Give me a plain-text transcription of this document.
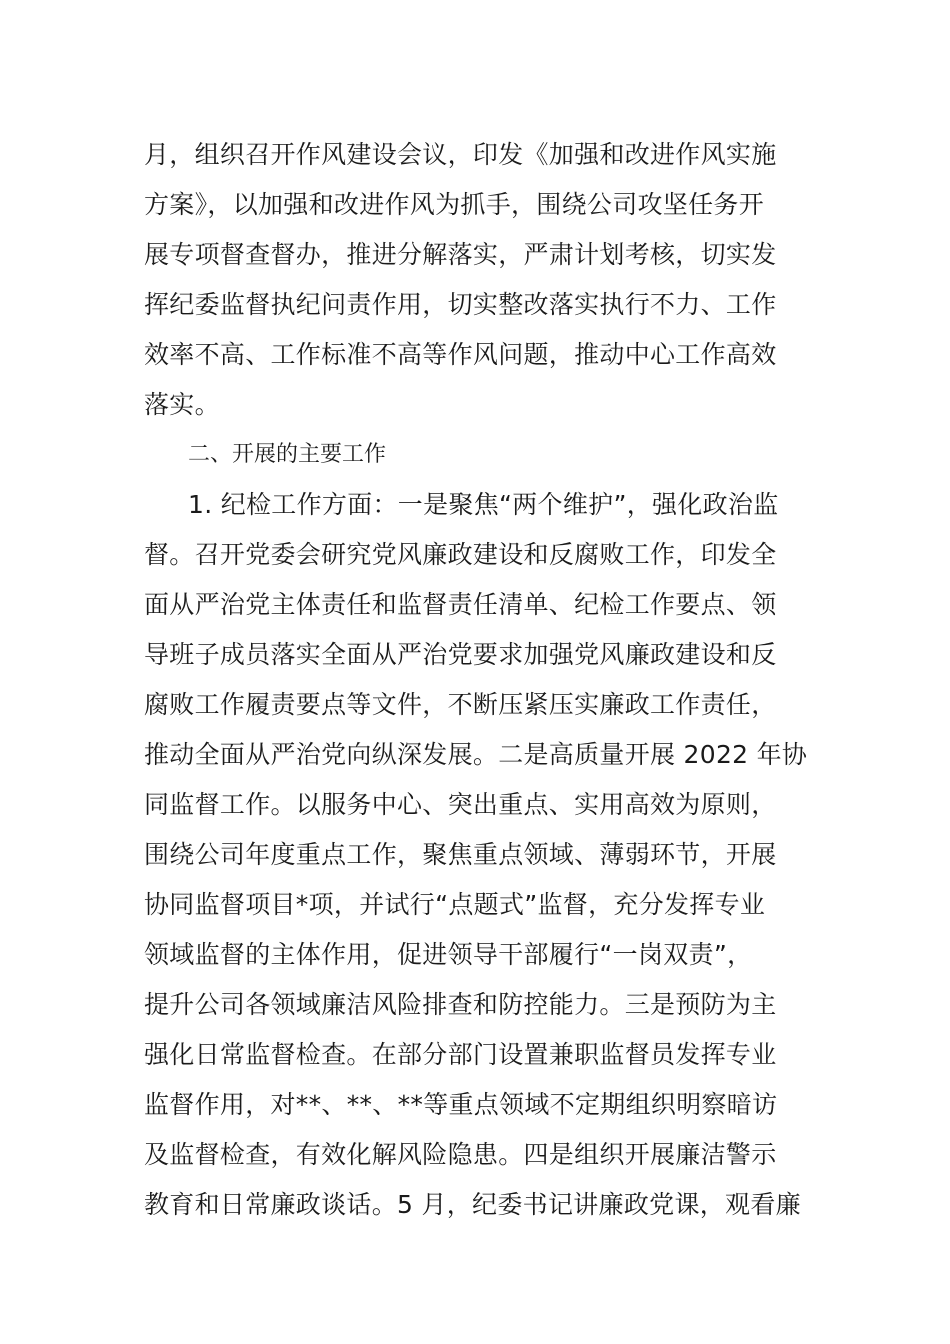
月，组织召开作风建设会议，印发《加强和改进作风实施
方案》，以加强和改进作风为抓手，围绕公司攻坚任务开
展专项督查督办，推进分解落实，严肃计划考核，切实发
挥纪委监督执纪问责作用，切实整改落实执行不力、工作
效率不高、工作标准不高等作风问题，推动中心工作高效
落实。
二、开展的主要工作
1. 纪检工作方面：一是聚焦“两个维护”，强化政治监
督。召开党委会研究党风廉政建设和反腐败工作，印发全
面从严治党主体责任和监督责任清单、纪检工作要点、领
导班子成员落实全面从严治党要求加强党风廉政建设和反
腐败工作履责要点等文件，不断压紧压实廉政工作责任，
推动全面从严治党向纵深发展。二是高质量开展 2022 年协
同监督工作。以服务中心、突出重点、实用高效为原则，
围绕公司年度重点工作，聚焦重点领域、薄弱环节，开展
协同监督项目*项，并试行“点题式”监督，充分发挥专业
领域监督的主体作用，促进领导干部履行“一岗双责”，
提升公司各领域廉洁风险排查和防控能力。三是预防为主
强化日常监督检查。在部分部门设置兼职监督员发挥专业
监督作用，对**、**、**等重点领域不定期组织明察暗访
及监督检查，有效化解风险隐患。四是组织开展廉洁警示
教育和日常廉政谈话。5 月，纪委书记讲廉政党课，观看廉
